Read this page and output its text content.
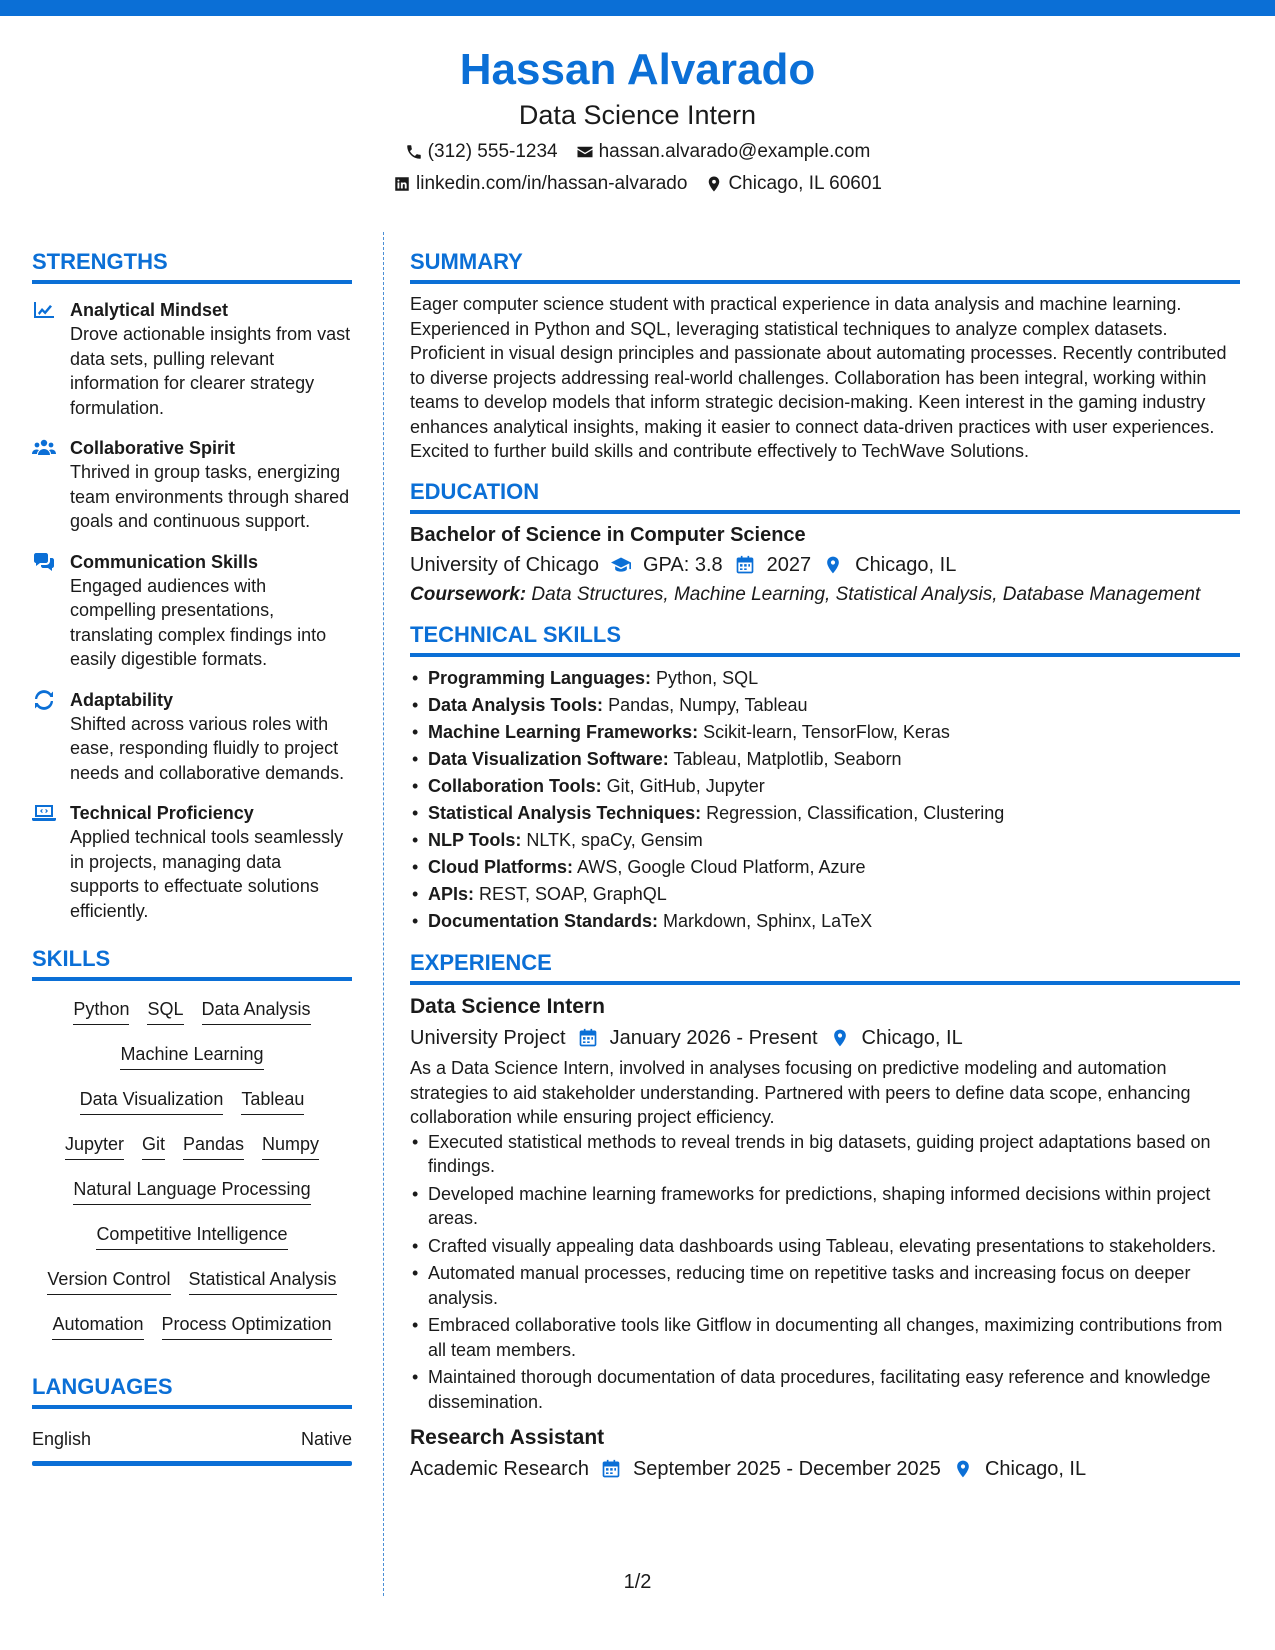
Hassan Alvarado
Data Science Intern
(312) 555-1234 hassan.alvarado@example.com
linkedin.com/in/hassan-alvarado Chicago, IL 60601
STRENGTHS
Analytical Mindset
Drove actionable insights from vast data sets, pulling relevant information for clearer strategy formulation.
Collaborative Spirit
Thrived in group tasks, energizing team environments through shared goals and continuous support.
Communication Skills
Engaged audiences with compelling presentations, translating complex findings into easily digestible formats.
Adaptability
Shifted across various roles with ease, responding fluidly to project needs and collaborative demands.
Technical Proficiency
Applied technical tools seamlessly in projects, managing data supports to effectuate solutions efficiently.
SKILLS
Python SQL Data Analysis
Machine Learning
Data Visualization Tableau
Jupyter Git Pandas Numpy
Natural Language Processing
Competitive Intelligence
Version Control Statistical Analysis
Automation Process Optimization
LANGUAGES
English	Native
SUMMARY
Eager computer science student with practical experience in data analysis and machine learning. Experienced in Python and SQL, leveraging statistical techniques to analyze complex datasets. Proficient in visual design principles and passionate about automating processes. Recently contributed to diverse projects addressing real-world challenges. Collaboration has been integral, working within teams to develop models that inform strategic decision-making. Keen interest in the gaming industry enhances analytical insights, making it easier to connect data-driven practices with user experiences. Excited to further build skills and contribute effectively to TechWave Solutions.
EDUCATION
Bachelor of Science in Computer Science
University of Chicago GPA: 3.8 2027 Chicago, IL
Coursework: Data Structures, Machine Learning, Statistical Analysis, Database Management
TECHNICAL SKILLS
• Programming Languages: Python, SQL
• Data Analysis Tools: Pandas, Numpy, Tableau
• Machine Learning Frameworks: Scikit-learn, TensorFlow, Keras
• Data Visualization Software: Tableau, Matplotlib, Seaborn
• Collaboration Tools: Git, GitHub, Jupyter
• Statistical Analysis Techniques: Regression, Classification, Clustering
• NLP Tools: NLTK, spaCy, Gensim
• Cloud Platforms: AWS, Google Cloud Platform, Azure
• APIs: REST, SOAP, GraphQL
• Documentation Standards: Markdown, Sphinx, LaTeX
EXPERIENCE
Data Science Intern
University Project January 2026 - Present Chicago, IL
As a Data Science Intern, involved in analyses focusing on predictive modeling and automation strategies to aid stakeholder understanding. Partnered with peers to define data scope, enhancing collaboration while ensuring project efficiency.
• Executed statistical methods to reveal trends in big datasets, guiding project adaptations based on findings.
• Developed machine learning frameworks for predictions, shaping informed decisions within project areas.
• Crafted visually appealing data dashboards using Tableau, elevating presentations to stakeholders.
• Automated manual processes, reducing time on repetitive tasks and increasing focus on deeper analysis.
• Embraced collaborative tools like Gitflow in documenting all changes, maximizing contributions from all team members.
• Maintained thorough documentation of data procedures, facilitating easy reference and knowledge dissemination.
Research Assistant
Academic Research September 2025 - December 2025 Chicago, IL
1/2
